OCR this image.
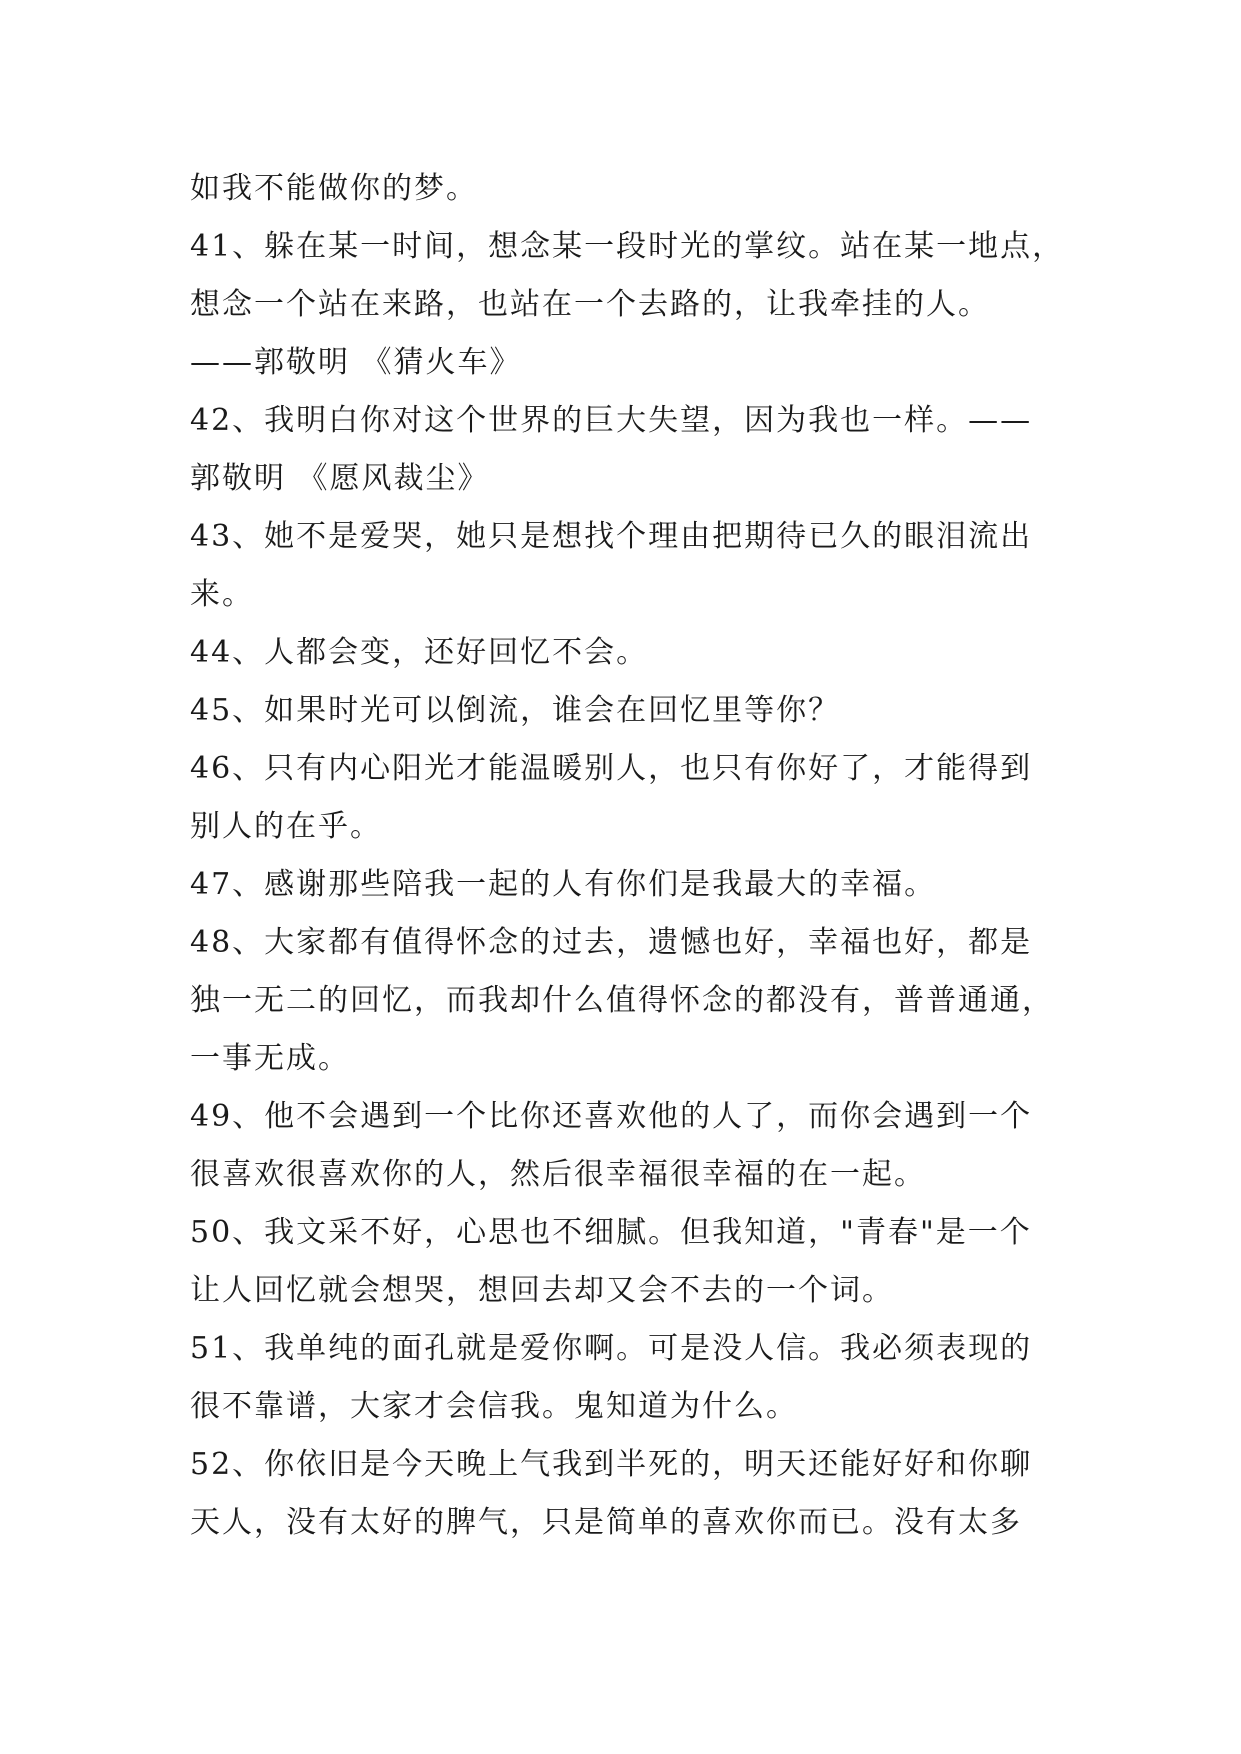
如我不能做你的梦。
41、躲在某一时间，想念某一段时光的掌纹。站在某一地点，
想念一个站在来路，也站在一个去路的，让我牵挂的人。
——郭敬明 《猜火车》
42、我明白你对这个世界的巨大失望，因为我也一样。——
郭敬明 《愿风裁尘》
43、她不是爱哭，她只是想找个理由把期待已久的眼泪流出
来。
44、人都会变，还好回忆不会。
45、如果时光可以倒流，谁会在回忆里等你？
46、只有内心阳光才能温暖别人，也只有你好了，才能得到
别人的在乎。
47、感谢那些陪我一起的人有你们是我最大的幸福。
48、大家都有值得怀念的过去，遗憾也好，幸福也好，都是
独一无二的回忆，而我却什么值得怀念的都没有，普普通通，
一事无成。
49、他不会遇到一个比你还喜欢他的人了，而你会遇到一个
很喜欢很喜欢你的人，然后很幸福很幸福的在一起。
50、我文采不好，心思也不细腻。但我知道，"青春"是一个
让人回忆就会想哭，想回去却又会不去的一个词。
51、我单纯的面孔就是爱你啊。可是没人信。我必须表现的
很不靠谱，大家才会信我。鬼知道为什么。
52、你依旧是今天晚上气我到半死的，明天还能好好和你聊
天人，没有太好的脾气，只是简单的喜欢你而已。没有太多
